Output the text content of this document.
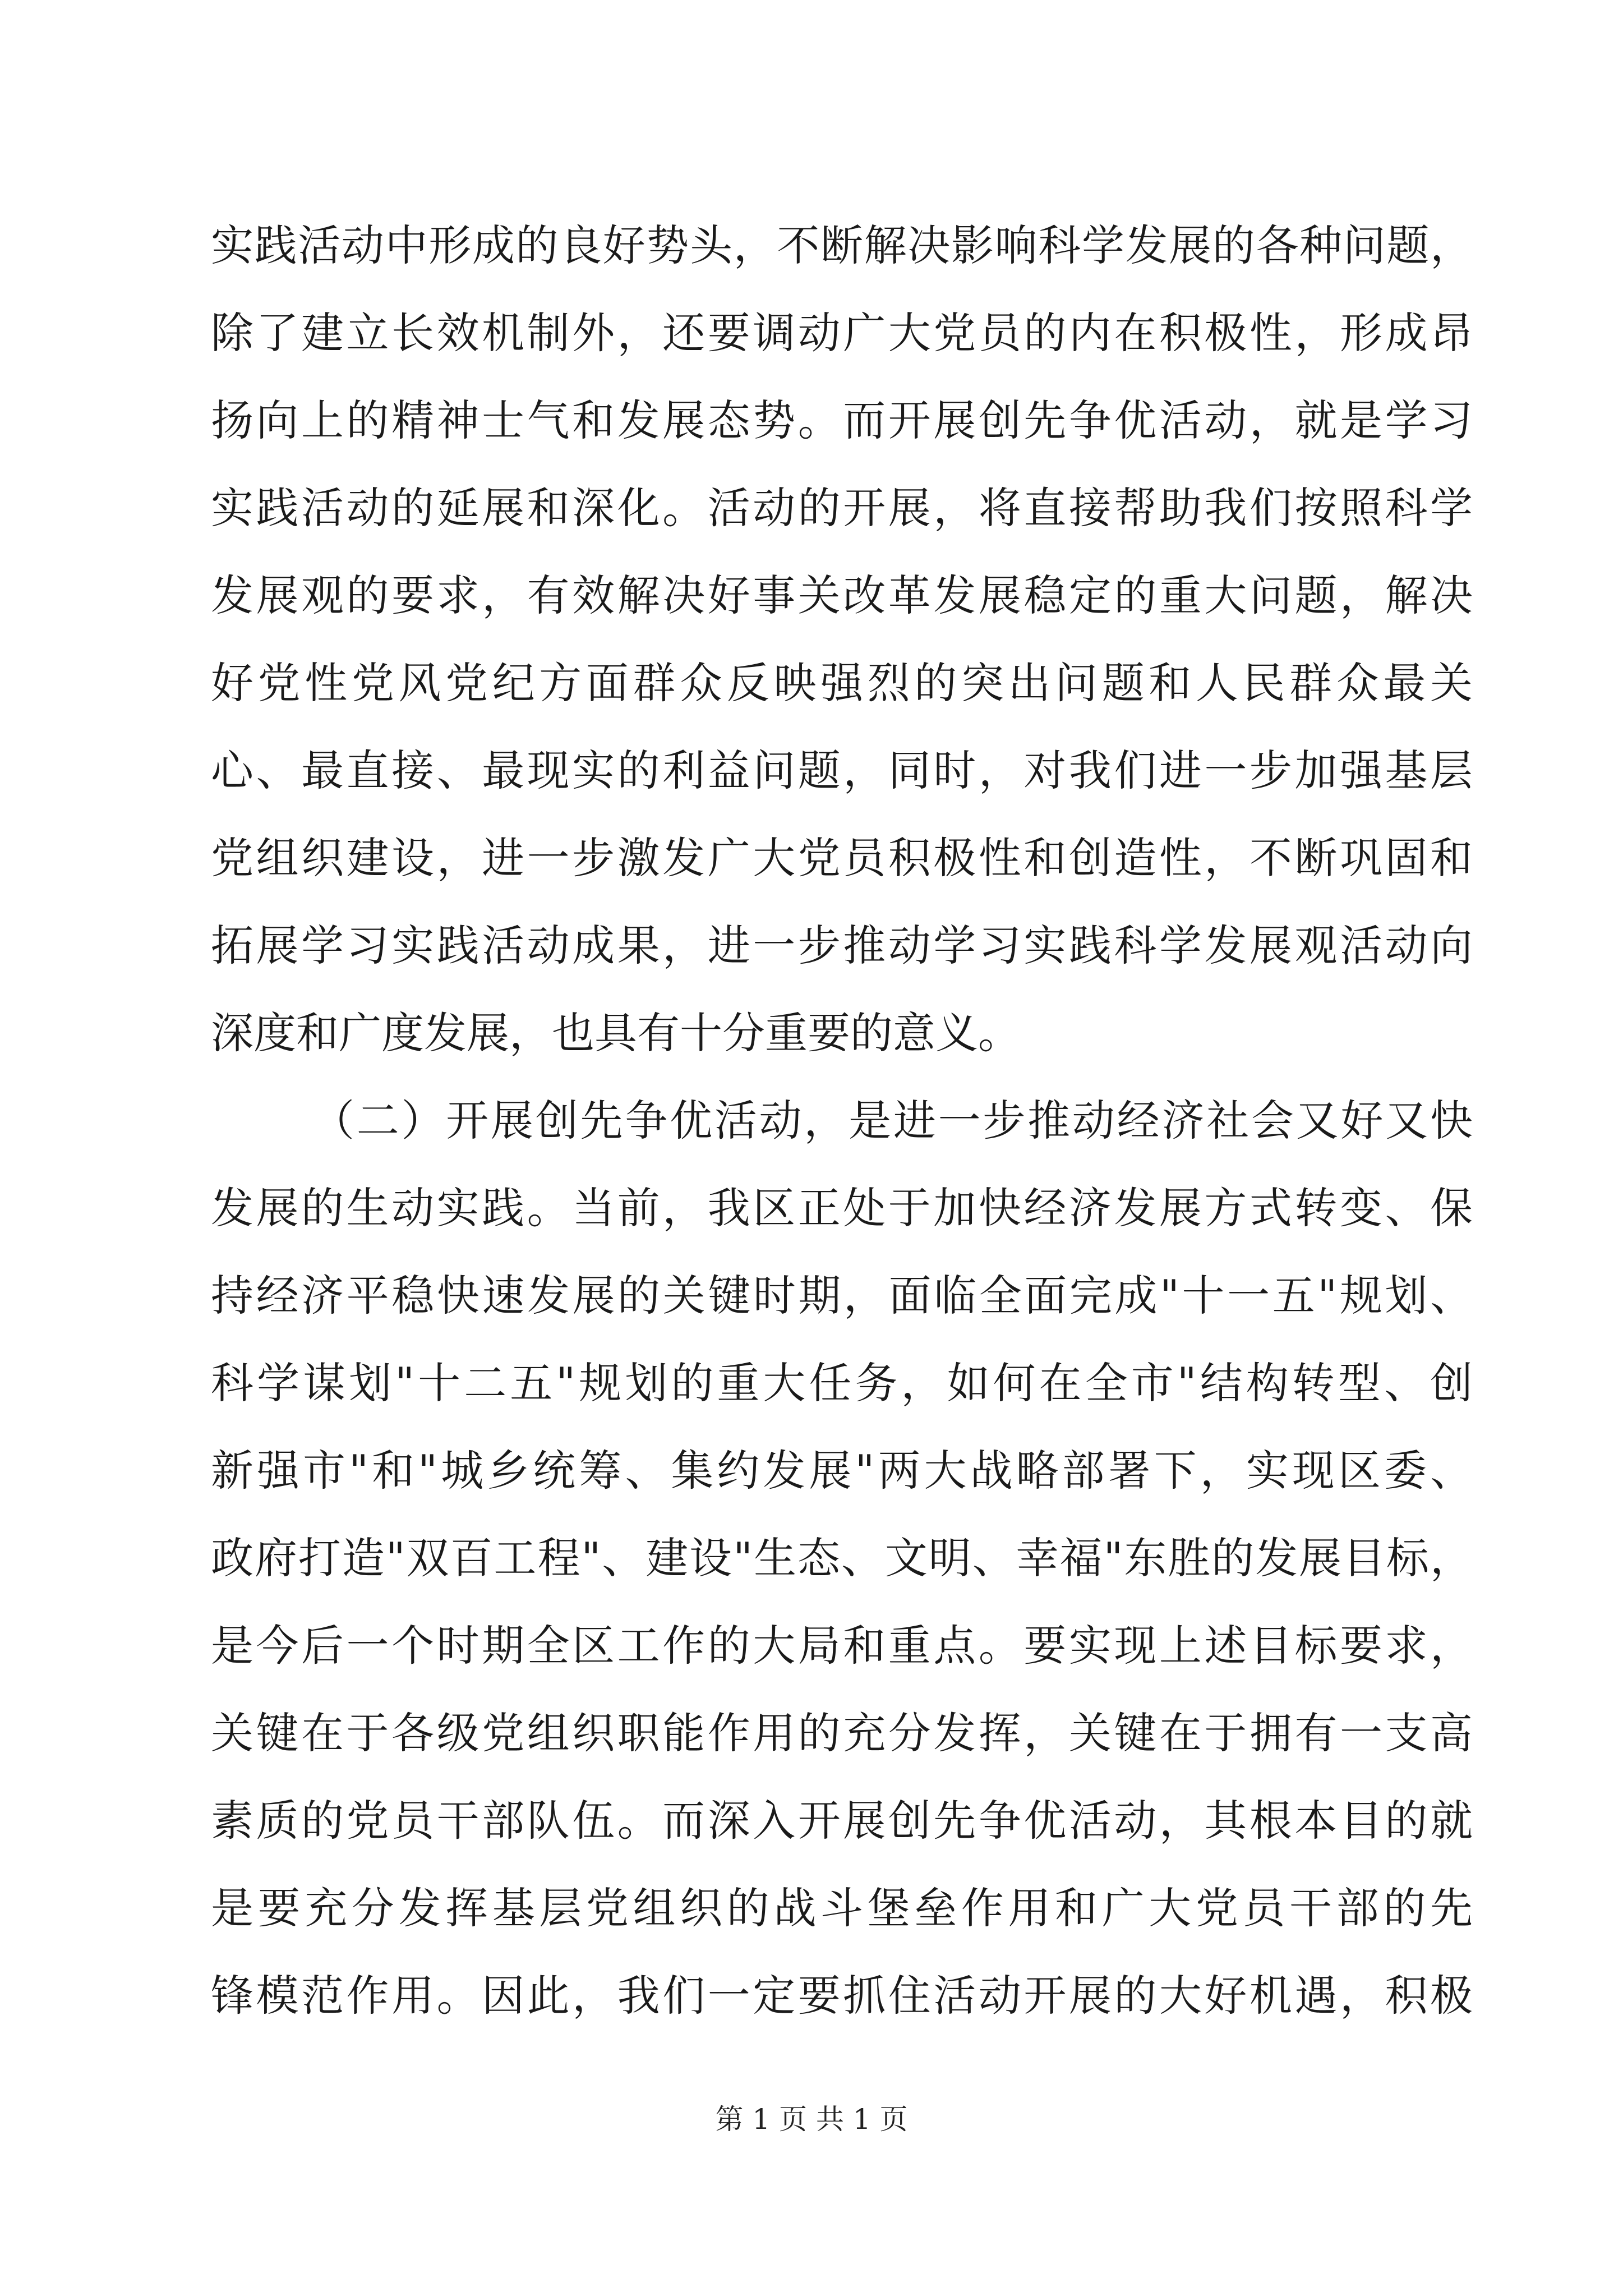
实践活动中形成的良好势头，不断解决影响科学发展的各种问题，
除了建立长效机制外，还要调动广大党员的内在积极性，形成昂
扬向上的精神士气和发展态势。而开展创先争优活动，就是学习
实践活动的延展和深化。活动的开展，将直接帮助我们按照科学
发展观的要求，有效解决好事关改革发展稳定的重大问题，解决
好党性党风党纪方面群众反映强烈的突出问题和人民群众最关
心、最直接、最现实的利益问题，同时，对我们进一步加强基层
党组织建设，进一步激发广大党员积极性和创造性，不断巩固和
拓展学习实践活动成果，进一步推动学习实践科学发展观活动向
深度和广度发展，也具有十分重要的意义。
（二）开展创先争优活动，是进一步推动经济社会又好又快
发展的生动实践。当前，我区正处于加快经济发展方式转变、保
持经济平稳快速发展的关键时期，面临全面完成"十一五"规划、
科学谋划"十二五"规划的重大任务，如何在全市"结构转型、创
新强市"和"城乡统筹、集约发展"两大战略部署下，实现区委、
政府打造"双百工程"、建设"生态、文明、幸福"东胜的发展目标，
是今后一个时期全区工作的大局和重点。要实现上述目标要求，
关键在于各级党组织职能作用的充分发挥，关键在于拥有一支高
素质的党员干部队伍。而深入开展创先争优活动，其根本目的就
是要充分发挥基层党组织的战斗堡垒作用和广大党员干部的先
锋模范作用。因此，我们一定要抓住活动开展的大好机遇，积极
第 1 页 共 1 页
